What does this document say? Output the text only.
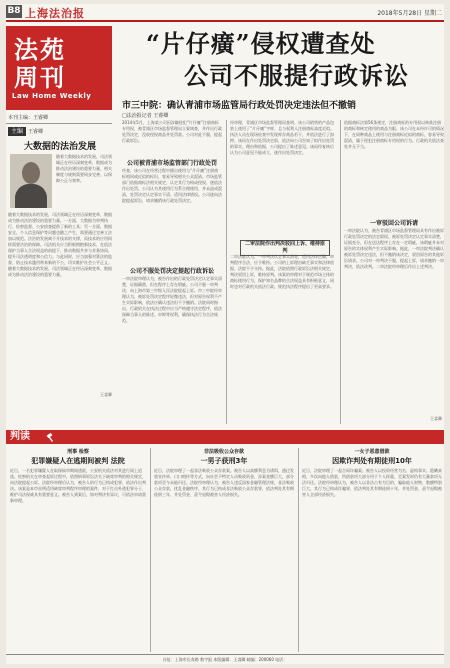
B8 上海法治报	2018年5月28日 星期二
法苑
周刊
Law Home Weekly
本刊主编：王睿卿
主编 王睿卿
大数据的法治发展
随着大数据技术的发展，司法领域正在经历深刻变革，数据成为推动法治建设的重要力量，相关制度与规则需要同步完善，以保障公正与效率。
随着大数据技术的发展，司法领域正在经历深刻变革，数据成为推动法治建设的重要力量。一方面，大数据为审判执行、检察监督、公安侦查提供了新的工具；另一方面，数据安全、个人信息保护等问题也随之产生，需要通过完善立法加以规范。法治的发展离不开技术的支撑，而技术的应用同样需要法治的保障。司法机关应当积极拥抱新技术，在依法保护当事人合法权益的前提下，推动数据共享与业务协同，提升司法透明度和公信力。与此同时，应当加强对算法的监督，防止技术滥用带来新的不公，切实维护社会公平正义。随着大数据技术的发展，司法领域正在经历深刻变革，数据成为推动法治建设的重要力量。
王睿卿
“片仔癀”侵权遭查处
公司不服提行政诉讼
市三中院：确认青浦市场监管局行政处罚决定违法但不撤销
□法治报记者 王睿卿
2014年5月，上海某公司因涉嫌侵犯“片仔癀”注册商标专用权，被青浦区市场监督管理局立案调查，并作出行政处罚决定，没收侵权商品并处罚款。公司对此不服，提起行政诉讼。
公司被青浦市场监管部门行政处罚
经查，该公司在经营过程中擅自使用与“片仔癀”注册商标相同或近似的标识，容易导致相关公众混淆。市场监管部门依据商标法相关规定，认定其行为构成侵权，遂依法作出处罚。公司认为其使用行为系合理使用，并未造成混淆，处罚决定认定事实不清、适用法律错误。公司遂向法院提起诉讼，请求撤销该行政处罚决定。
公司不服处罚决定提起行政诉讼
一审法院审理认为，被告作出的行政处罚决定认定事实清楚，证据确凿，但在程序上存在瑕疵。公司不服一审判决，向上海市第三中级人民法院提起上诉。市三中院经审理认为，被诉处罚决定程序轻微违法，但对原告权利不产生实际影响，依法应确认违法但不予撤销。法院同时指出，行政机关在执法过程中应当严格遵守法定程序，依法保障当事人的陈述、申辩等权利，确保执法行为合法规范。
经审理，青浦区市场监督管理局查明，该公司销售的产品包装上使用了“片仔癀”字样，且与权利人注册商标高度近似。执法人员在现场检查中发现库存商品若干，并依法进行了扣押。该局在作出处罚决定前，依法向公司告知了拟作出处罚的事实、理由和依据，公司提出了陈述意见。该局经复核后认为公司意见不能成立，遂作出处罚决定。
二审法院作出判决驳回上诉、维持原判
二审法院认为，一审判决认定事实清楚，适用法律正确，审判程序合法，应予维持。公司的上诉理由缺乏事实和法律依据，法院不予支持。据此，法院依照行政诉讼法相关规定，判决驳回上诉，维持原判。该案的审理对于规范市场主体的商标使用行为，保护知名品牌的合法权益具有积极意义，同时也对行政机关依法行政、规范执法程序提出了更高要求。
依据商标法第56条规定，注册商标的专用权以核准注册的商标和核定使用的商品为限。该公司在未经许可的情况下，在同种商品上使用与注册商标近似的商标，容易导致混淆，属于侵犯注册商标专用权的行为。行政机关依法查处并无不当。
一审驳回公司诉请
一审法院认为，被告青浦区市场监督管理局具有作出被诉行政处罚决定的法定职权。被诉处罚决定认定事实清楚，证据充分，但在送达程序上存在一定瑕疵，该瑕疵并未对原告的实体权利产生实际影响。据此，一审法院判决确认被诉处罚决定违法，但不撤销该决定，驳回原告的其他诉讼请求。公司对一审判决不服，提起上诉，请求撤销一审判决，依法改判。二审法院经审理后作出上述判决。
王睿卿
判读
刑事 检察
犯罪嫌疑人在逃期间被判 法院
近日，一名犯罪嫌疑人在取保候审期间逃匿，公安机关依法对其进行网上追逃。检察机关在审查起诉过程中，依照刑事诉讼法关于缺席审判的相关规定，向法院提起公诉。法院经审理后认为，被告人的行为已构成犯罪，依法作出判决。该案是本市首例适用缺席审判程序审理的案件，对于打击外逃犯罪分子，维护司法权威具有重要意义。被告人到案后，如对判决有异议，可依法申请重新审理。
非法吸收公众存款
一男子获刑3年
近日，法院审理了一起非法吸收公众存款案。被告人以高额利息为诱饵，通过发放宣传单、口口相传等方式，向社会不特定人员吸收资金，涉案金额巨大，部分款项至今未能归还。法院经审理认为，被告人违反国家金融管理法规，非法吸收公众存款，扰乱金融秩序，其行为已构成非法吸收公众存款罪，依法判处其有期徒刑三年，并处罚金，责令退赔被害人经济损失。
一女子恶意借款
因欺诈判处有期徒刑10年
近日，法院审理了一起合同诈骗案。被告人以投资经营为名，虚构事实、隐瞒真相，多次向他人借款，所借款项大部分用于个人挥霍，至案发时仍有大量款项无法归还。法院经审理认为，被告人以非法占有为目的，骗取他人财物，数额特别巨大，其行为已构成诈骗罪，依法判处其有期徒刑十年，并处罚金，责令退赔被害人全部经济损失。
社址：上海市长寿路 数字报 本版编辑：王睿卿 邮编：200060 电话：
